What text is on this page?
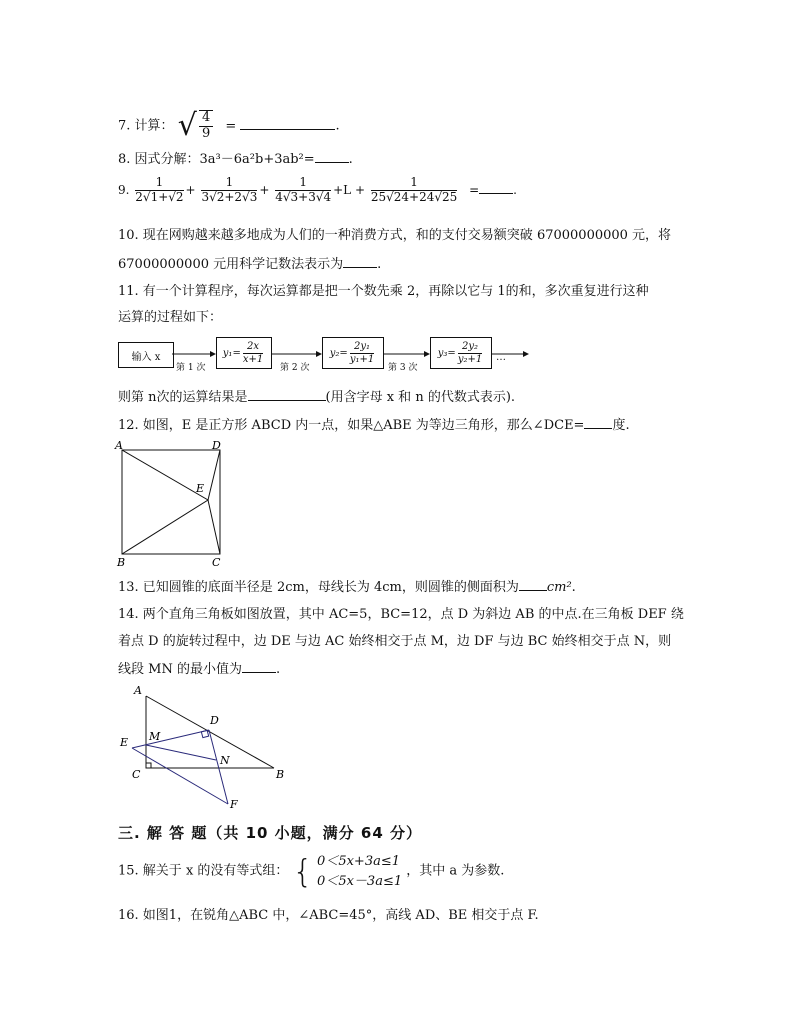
7. 计算： √ $\frac{4}{9}$ =	.
8. 因式分解：3a³－6a²b+3ab²=	.
9. $\frac{1}{2√1+√2} + \frac{1}{3√2+2√3} + \frac{1}{4√3+3√4} +L + \frac{1}{25√24+24√25}$ =	.
10. 现在网购越来越多地成为人们的一种消费方式，和的支付交易额突破 67000000000 元，将
67000000000 元用科学记数法表示为	.
11. 有一个计算程序，每次运算都是把一个数先乘 2，再除以它与 1的和，多次重复进行这种
运算的过程如下：
输入 x	$y_1= \frac{2x}{x+1}$	$y_2= \frac{\text{2y₁}}{\text{y₁+1}}$	$y_3= \frac{\text{2y₂}}{\text{y₂+1}}$
第 1 次	第 2 次	第 3 次
…
则第 n次的运算结果是	(用含字母 x 和 n 的代数式表示).
12. 如图，E 是正方形 ABCD 内一点，如果△ABE 为等边三角形，那么∠DCE= 度.
A	D
E
B	C
13. 已知圆锥的底面半径是 2cm，母线长为 4cm，则圆锥的侧面积为 cm².
14. 两个直角三角板如图放置，其中 AC=5，BC=12，点 D 为斜边 AB 的中点.在三角板 DEF 绕
着点 D 的旋转过程中，边 DE 与边 AC 始终相交于点 M，边 DF 与边 BC 始终相交于点 N，则
线段 MN 的最小值为	.
A
D
E M
N
C	B
F
三. 解 答 题（共 10 小题，满分 64 分）
15. 解关于 x 的没有等式组： { 0＜5x+3a≤1
0＜5x－3a≤1
，其中 a 为参数.
16. 如图1，在锐角△ABC 中，∠ABC=45°，高线 AD、BE 相交于点 F.
